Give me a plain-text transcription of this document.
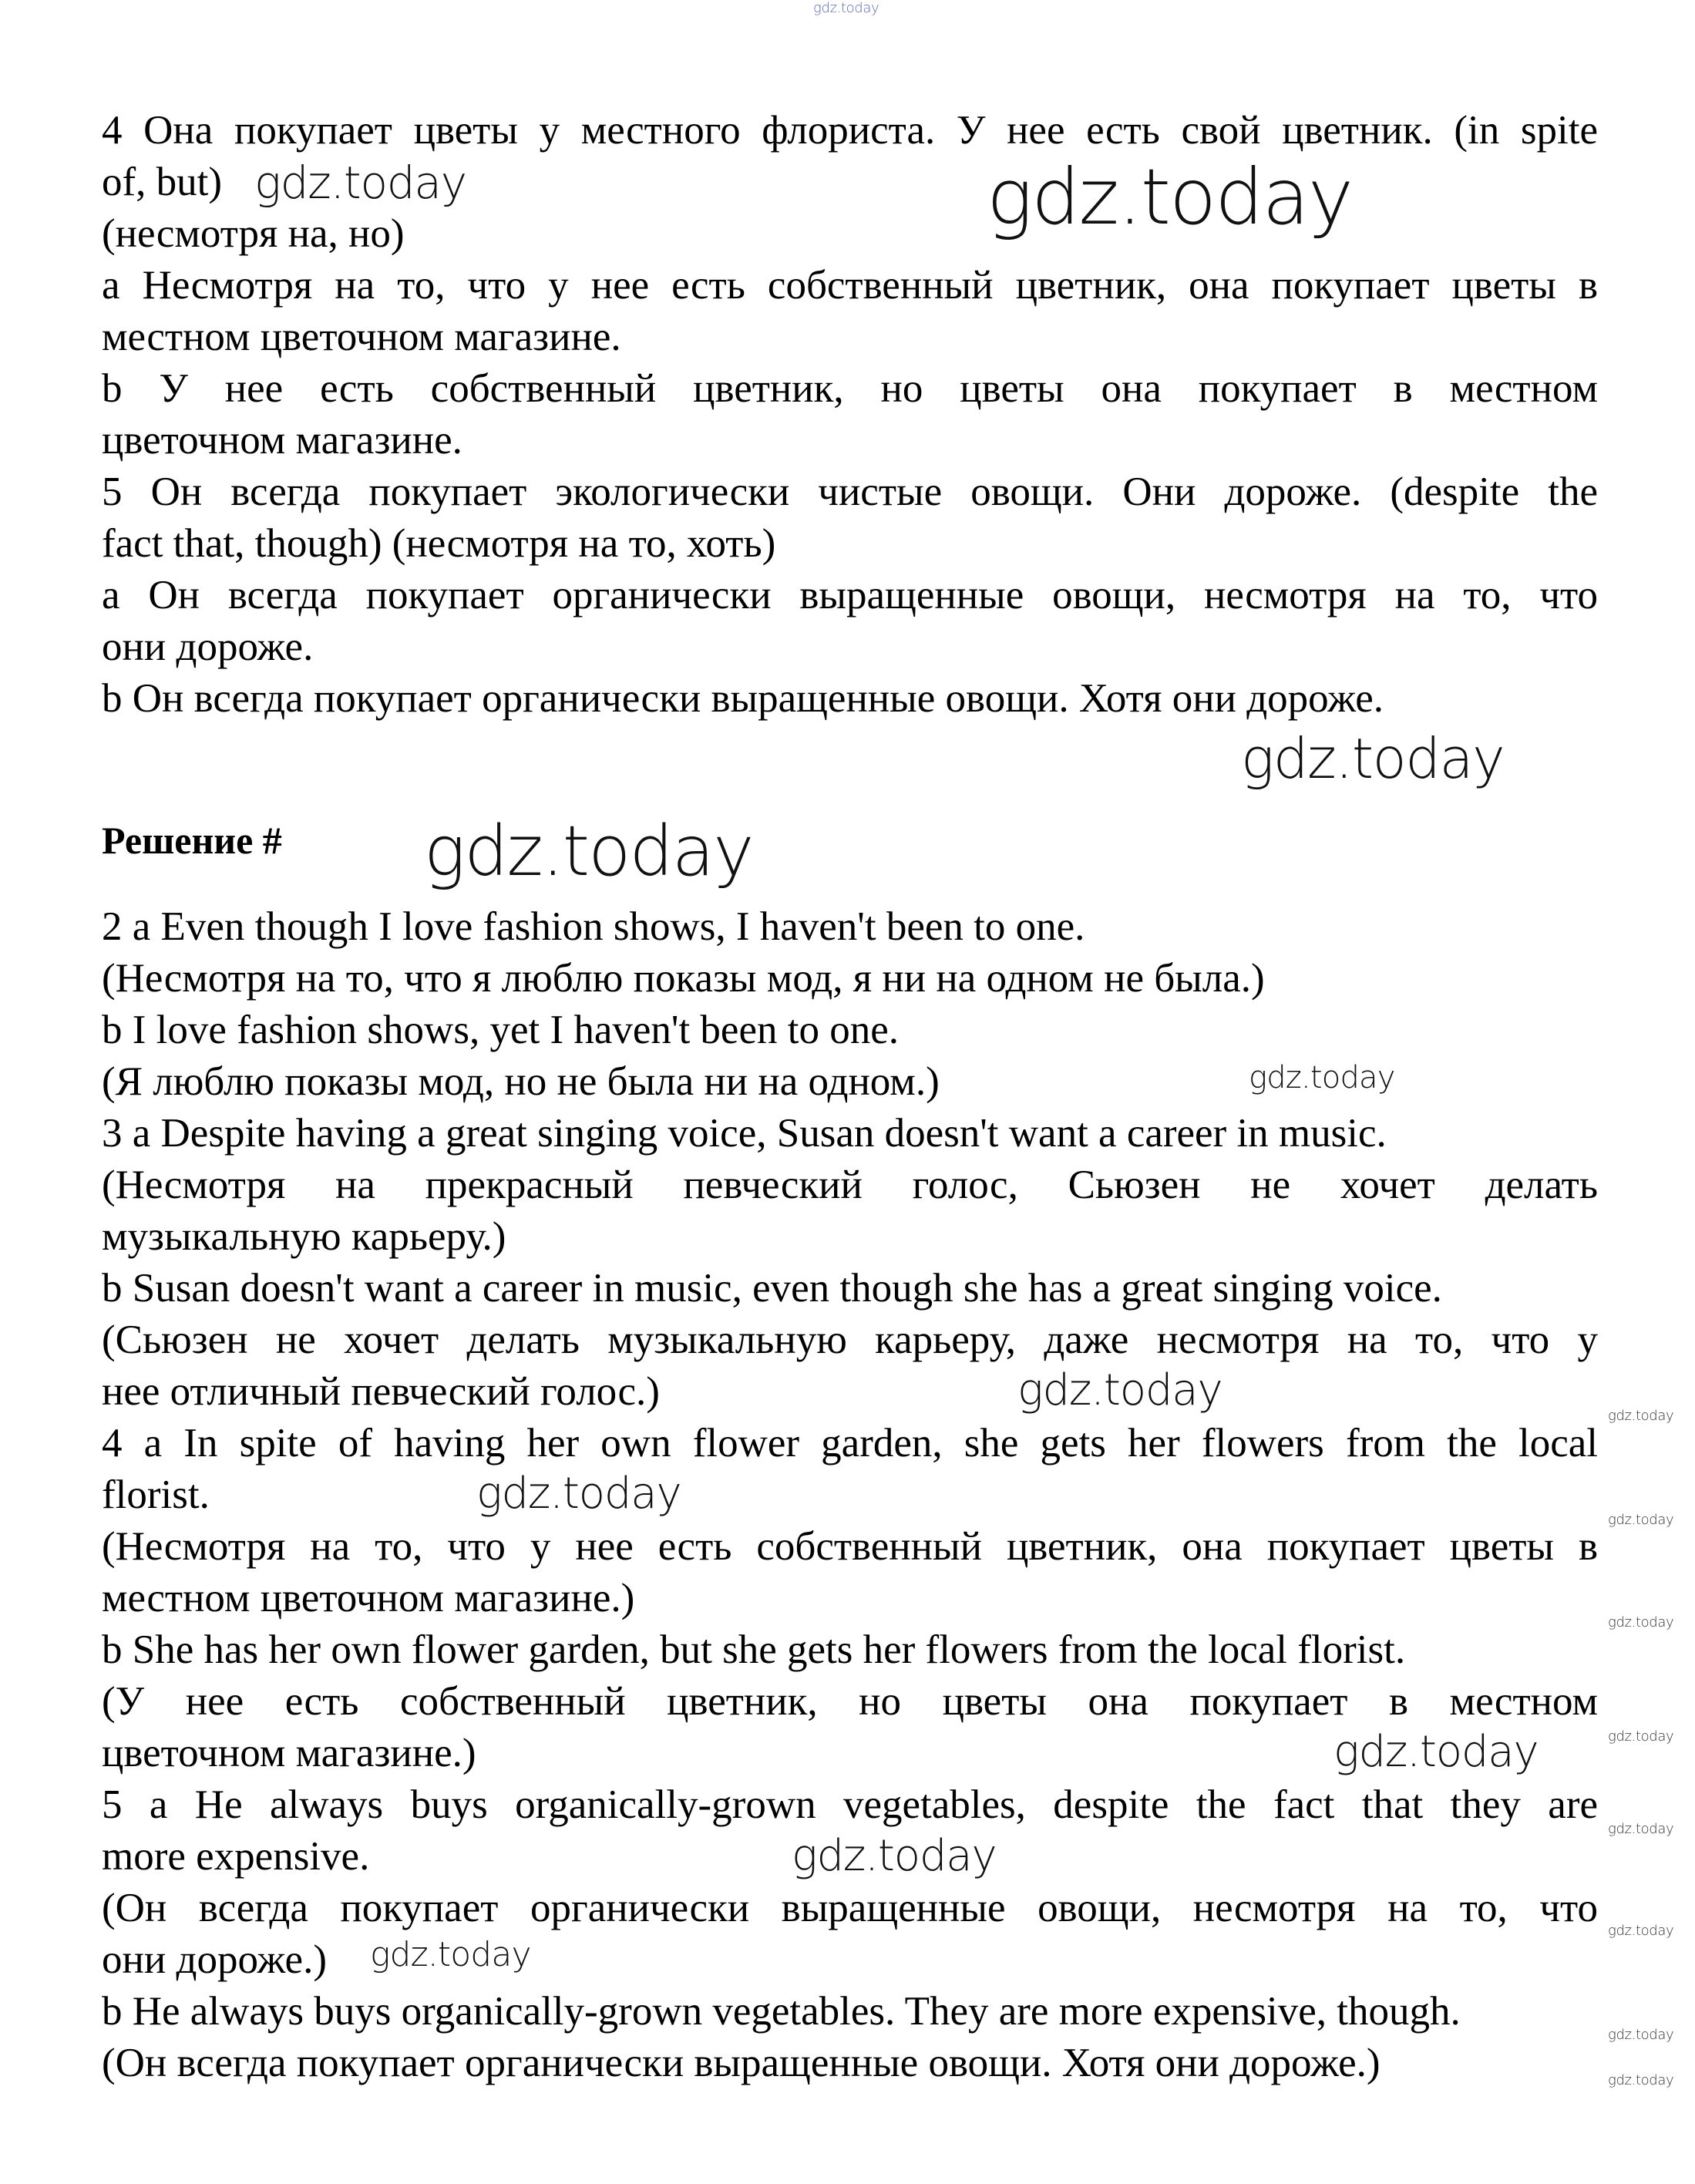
4 Она покупает цветы у местного флориста. У нее есть свой цветник. (in spite
of, but)
(несмотря на, но)
a Несмотря на то, что у нее есть собственный цветник, она покупает цветы в
местном цветочном магазине.
b У нее есть собственный цветник, но цветы она покупает в местном
цветочном магазине.
5 Он всегда покупает экологически чистые овощи. Они дороже. (despite the
fact that, though) (несмотря на то, хоть)
a Он всегда покупает органически выращенные овощи, несмотря на то, что
они дороже.
b Он всегда покупает органически выращенные овощи. Хотя они дороже.
Решение #
2 a Even though I love fashion shows, I haven't been to one.
(Несмотря на то, что я люблю показы мод, я ни на одном не была.)
b I love fashion shows, yet I haven't been to one.
(Я люблю показы мод, но не была ни на одном.)
3 a Despite having a great singing voice, Susan doesn't want a career in music.
(Несмотря на прекрасный певческий голос, Сьюзен не хочет делать
музыкальную карьеру.)
b Susan doesn't want a career in music, even though she has a great singing voice.
(Сьюзен не хочет делать музыкальную карьеру, даже несмотря на то, что у
нее отличный певческий голос.)
4 a In spite of having her own flower garden, she gets her flowers from the local
florist.
(Несмотря на то, что у нее есть собственный цветник, она покупает цветы в
местном цветочном магазине.)
b She has her own flower garden, but she gets her flowers from the local florist.
(У нее есть собственный цветник, но цветы она покупает в местном
цветочном магазине.)
5 a He always buys organically-grown vegetables, despite the fact that they are
more expensive.
(Он всегда покупает органически выращенные овощи, несмотря на то, что
они дороже.)
b He always buys organically-grown vegetables. They are more expensive, though.
(Он всегда покупает органически выращенные овощи. Хотя они дороже.)
gdz.today
gdz.today	gdz.today
gdz.today
gdz.today
gdz.today
gdz.today
gdz.today
gdz.today
gdz.today
gdz.today
gdz.today
gdz.today
gdz.today
gdz.today
gdz.today
gdz.today
gdz.today
gdz.today
